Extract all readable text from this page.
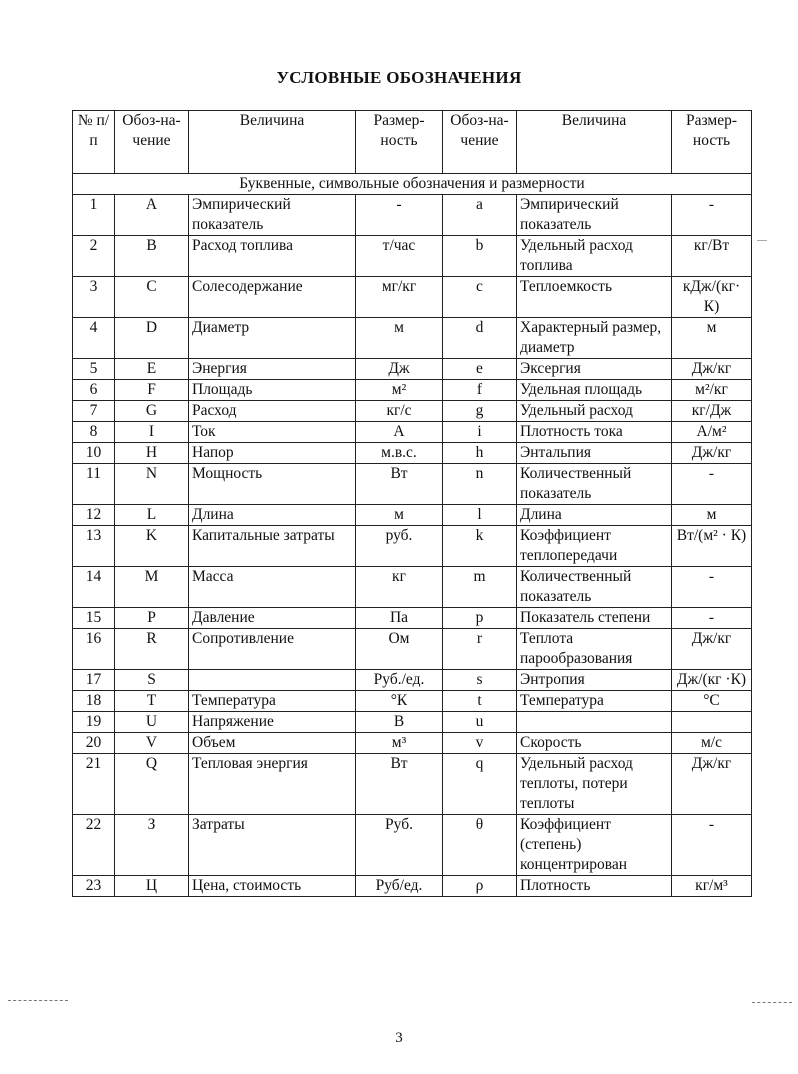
УСЛОВНЫЕ ОБОЗНАЧЕНИЯ
№ п/п	Обоз-на-чение	Величина	Размер-ность	Обоз-на-чение	Величина	Размер-ность
Буквенные, символьные обозначения и размерности						
1	A	Эмпирический показатель	-	a	Эмпирический показатель	-
2	B	Расход топлива	т/час	b	Удельный расход топлива	кг/Вт
3	C	Солесодержание	мг/кг	c	Теплоемкость	кДж/(кг· К)
4	D	Диаметр	м	d	Характерный размер, диаметр	м
5	E	Энергия	Дж	e	Эксергия	Дж/кг
6	F	Площадь	м²	f	Удельная площадь	м²/кг
7	G	Расход	кг/с	g	Удельный расход	кг/Дж
8	I	Ток	А	i	Плотность тока	А/м²
10	H	Напор	м.в.с.	h	Энтальпия	Дж/кг
11	N	Мощность	Вт	n	Количественный показатель	-
12	L	Длина	м	l	Длина	м
13	K	Капитальные затраты	руб.	k	Коэффициент теплопередачи	Вт/(м² · К)
14	M	Масса	кг	m	Количественный показатель	-
15	P	Давление	Па	p	Показатель степени	-
16	R	Сопротивление	Ом	r	Теплота парообразования	Дж/кг
17	S		Руб./ед.	s	Энтропия	Дж/(кг ·К)
18	T	Температура	°К	t	Температура	°С
19	U	Напряжение	В	u		
20	V	Объем	м³	v	Скорость	м/с
21	Q	Тепловая энергия	Вт	q	Удельный расход теплоты, потери теплоты	Дж/кг
22	З	Затраты	Руб.	θ	Коэффициент (степень) концентрирован	-
23	Ц	Цена, стоимость	Руб/ед.	ρ	Плотность	кг/м³
3
